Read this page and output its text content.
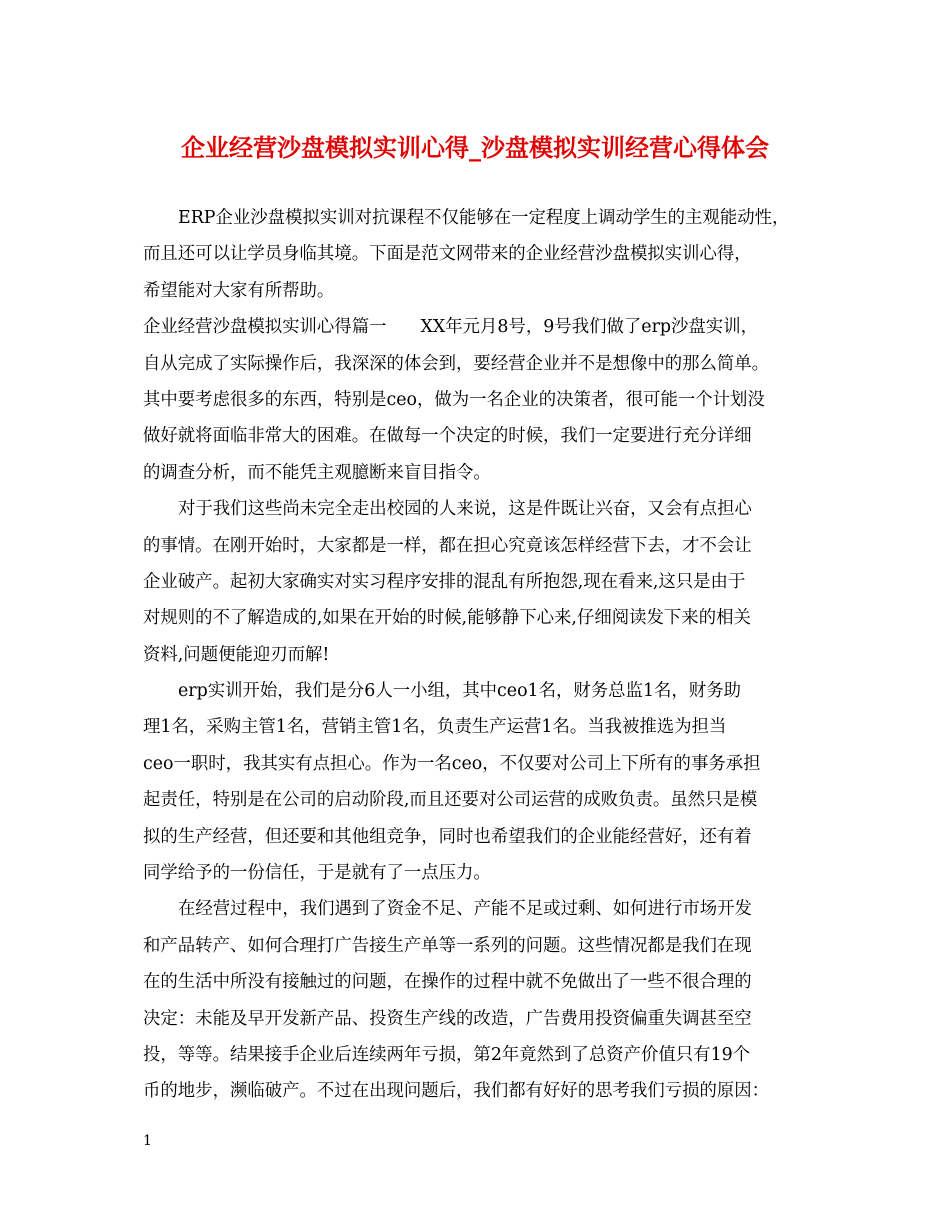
企业经营沙盘模拟实训心得_沙盘模拟实训经营心得体会
ERP企业沙盘模拟实训对抗课程不仅能够在一定程度上调动学生的主观能动性，
而且还可以让学员身临其境。下面是范文网带来的企业经营沙盘模拟实训心得，
希望能对大家有所帮助。
企业经营沙盘模拟实训心得篇一 XX年元月8号，9号我们做了erp沙盘实训，
自从完成了实际操作后，我深深的体会到，要经营企业并不是想像中的那么简单。
其中要考虑很多的东西，特别是ceo，做为一名企业的决策者，很可能一个计划没
做好就将面临非常大的困难。在做每一个决定的时候，我们一定要进行充分详细
的调查分析，而不能凭主观臆断来盲目指令。
对于我们这些尚未完全走出校园的人来说，这是件既让兴奋，又会有点担心
的事情。在刚开始时，大家都是一样，都在担心究竟该怎样经营下去，才不会让
企业破产。起初大家确实对实习程序安排的混乱有所抱怨,现在看来,这只是由于
对规则的不了解造成的,如果在开始的时候,能够静下心来,仔细阅读发下来的相关
资料,问题便能迎刃而解!
erp实训开始，我们是分6人一小组，其中ceo1名，财务总监1名，财务助
理1名，采购主管1名，营销主管1名，负责生产运营1名。当我被推选为担当
ceo一职时，我其实有点担心。作为一名ceo，不仅要对公司上下所有的事务承担
起责任，特别是在公司的启动阶段,而且还要对公司运营的成败负责。虽然只是模
拟的生产经营，但还要和其他组竞争，同时也希望我们的企业能经营好，还有着
同学给予的一份信任，于是就有了一点压力。
在经营过程中，我们遇到了资金不足、产能不足或过剩、如何进行市场开发
和产品转产、如何合理打广告接生产单等一系列的问题。这些情况都是我们在现
在的生活中所没有接触过的问题，在操作的过程中就不免做出了一些不很合理的
决定：未能及早开发新产品、投资生产线的改造，广告费用投资偏重失调甚至空
投，等等。结果接手企业后连续两年亏损，第2年竟然到了总资产价值只有19个
币的地步，濒临破产。不过在出现问题后，我们都有好好的思考我们亏损的原因：
1
